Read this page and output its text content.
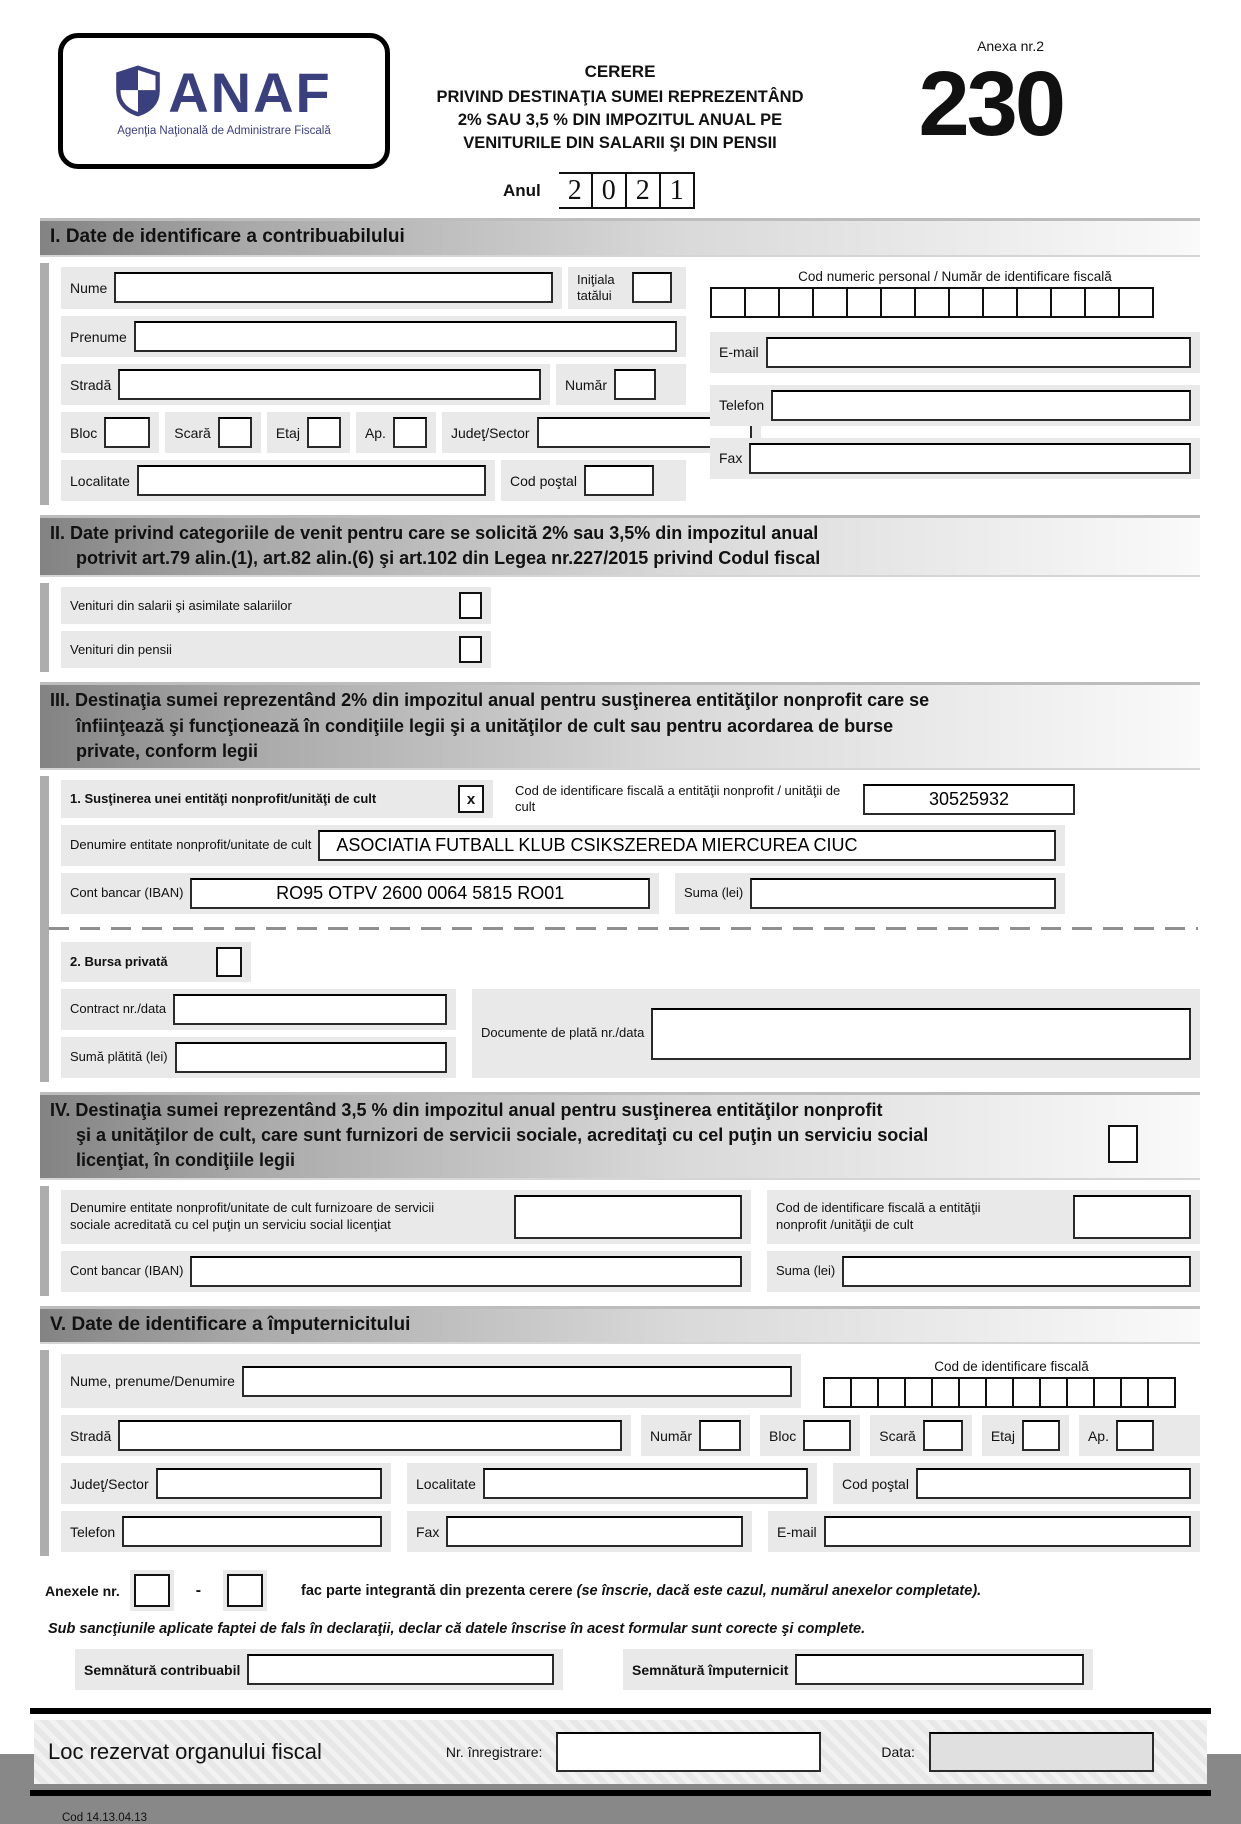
ANAF
Agenţia Naţională de Administrare Fiscală
CERERE
PRIVIND DESTINAŢIA SUMEI REPREZENTÂND
2% SAU 3,5 % DIN IMPOZITUL ANUAL PE
VENITURILE DIN SALARII ŞI DIN PENSII
Anexa nr.2
230
Anul 2 0 2 1
I. Date de identificare a contribuabilului
Nume
Iniţiala tatălui
Prenume
Stradă	Număr
Bloc	Scară	Etaj	Ap.	Judeţ/Sector
Localitate	Cod poştal
Cod numeric personal / Număr de identificare fiscală
E-mail
Telefon
Fax
II. Date privind categoriile de venit pentru care se solicită 2% sau 3,5% din impozitul anual
potrivit art.79 alin.(1), art.82 alin.(6) şi art.102 din Legea nr.227/2015 privind Codul fiscal
Venituri din salarii şi asimilate salariilor
Venituri din pensii
III. Destinaţia sumei reprezentând 2% din impozitul anual pentru susţinerea entităţilor nonprofit care se
înfiinţează şi funcţionează în condiţiile legii şi a unităţilor de cult sau pentru acordarea de burse
private, conform legii
1. Susţinerea unei entităţi nonprofit/unităţi de cult	x
Cod de identificare fiscală a entităţii nonprofit / unităţii de cult
30525932
Denumire entitate nonprofit/unitate de cult
ASOCIATIA FUTBALL KLUB CSIKSZEREDA MIERCUREA CIUC
Cont bancar (IBAN)
RO95 OTPV 2600 0064 5815 RO01	Suma (lei)
2. Bursa privată
Contract nr./data
Sumă plătită (lei)
Documente de plată nr./data
IV. Destinaţia sumei reprezentând 3,5 % din impozitul anual pentru susţinerea entităţilor nonprofit
şi a unităţilor de cult, care sunt furnizori de servicii sociale, acreditaţi cu cel puţin un serviciu social
licenţiat, în condiţiile legii
Denumire entitate nonprofit/unitate de cult furnizoare de servicii
sociale acreditată cu cel puţin un serviciu social licenţiat
Cod de identificare fiscală a entităţii
nonprofit /unităţii de cult
Cont bancar (IBAN)	Suma (lei)
V. Date de identificare a împuternicitului
Nume, prenume/Denumire
Cod de identificare fiscală
Stradă	Număr	Bloc	Scară	Etaj	Ap.
Judeţ/Sector	Localitate	Cod poştal
Telefon	Fax	E-mail
Anexele nr.	-	fac parte integrantă din prezenta cerere (se înscrie, dacă este cazul, numărul anexelor completate).
Sub sancţiunile aplicate faptei de fals în declaraţii, declar că datele înscrise în acest formular sunt corecte şi complete.
Semnătură contribuabil	Semnătură împuternicit
Loc rezervat organului fiscal	Nr. înregistrare:	Data:
Cod 14.13.04.13
